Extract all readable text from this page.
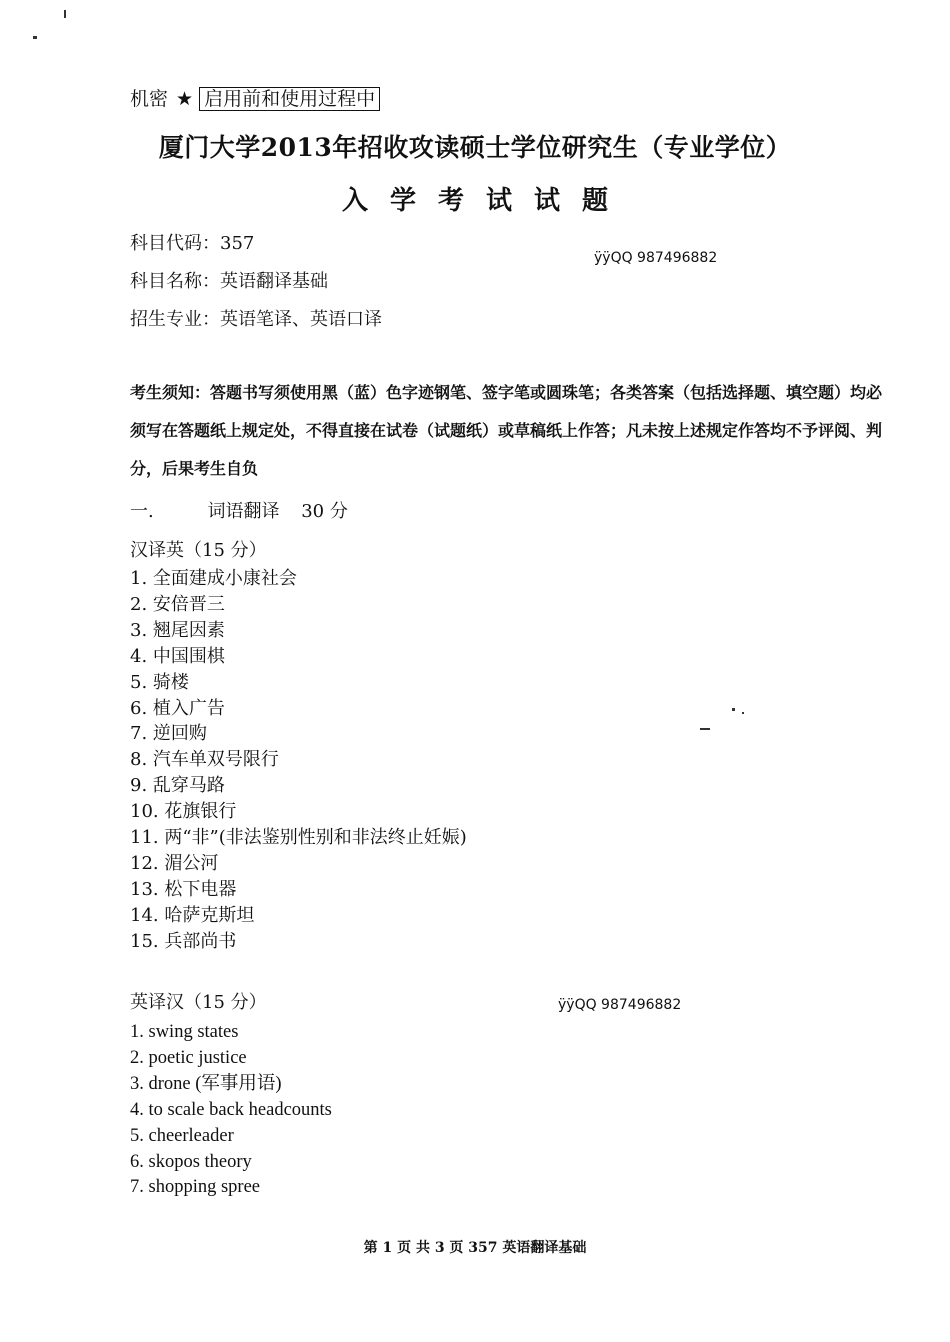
机密 ★ 启用前和使用过程中
厦门大学2013年招收攻读硕士学位研究生（专业学位）
入学考试试题
科目代码：357
科目名称：英语翻译基础
招生专业：英语笔译、英语口译
ÿÿQQ 987496882
ÿÿQQ 987496882
考生须知：答题书写须使用黑（蓝）色字迹钢笔、签字笔或圆珠笔；各类答案（包括选择题、填空题）均必须写在答题纸上规定处，不得直接在试卷（试题纸）或草稿纸上作答；凡未按上述规定作答均不予评阅、判分，后果考生自负
一.	词语翻译 30 分
汉译英（15 分）
1. 全面建成小康社会
2. 安倍晋三
3. 翘尾因素
4. 中国围棋
5. 骑楼
6. 植入广告
7. 逆回购
8. 汽车单双号限行
9. 乱穿马路
10. 花旗银行
11. 两“非”(非法鉴别性别和非法终止妊娠)
12. 湄公河
13. 松下电器
14. 哈萨克斯坦
15. 兵部尚书
英译汉（15 分）
1. swing states
2. poetic justice
3. drone (军事用语)
4. to scale back headcounts
5. cheerleader
6. skopos theory
7. shopping spree
第 1 页 共 3 页 357 英语翻译基础
